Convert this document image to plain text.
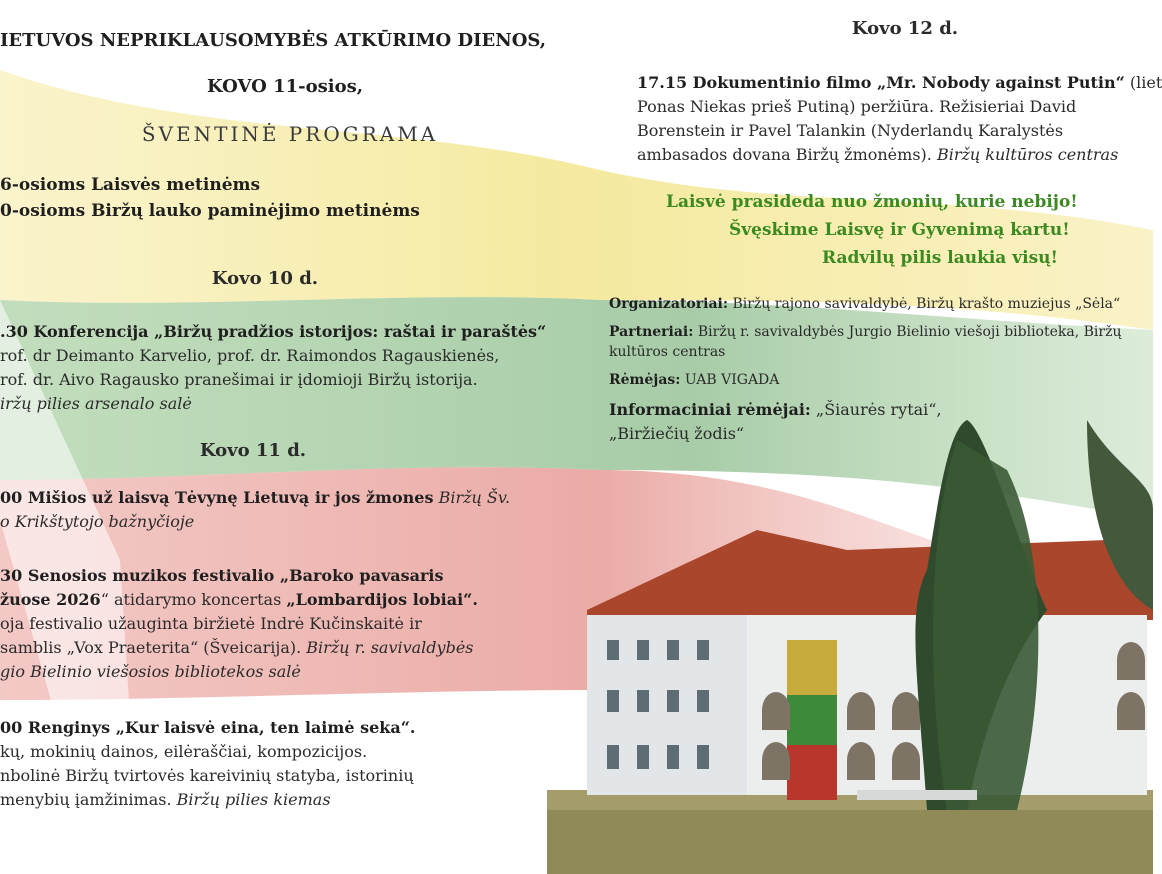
IETUVOS NEPRIKLAUSOMYBĖS ATKŪRIMO DIENOS,
KOVO 11-osios,
ŠVENTINĖ PROGRAMA
6-osioms Laisvės metinėms
0-osioms Biržų lauko paminėjimo metinėms
Kovo 10 d.

.30 Konferencija „Biržų pradžios istorijos: raštai ir paraštės“

rof. dr Deimanto Karvelio, prof. dr. Raimondos Ragauskienės,

rof. dr. Aivo Ragausko pranešimai ir įdomioji Biržų istorija.

iržų pilies arsenalo salė

Kovo 11 d.

00 Mišios už laisvą Tėvynę Lietuvą ir jos žmones Biržų Šv.

o Krikštytojo bažnyčioje

30 Senosios muzikos festivalio „Baroko pavasaris

žuose 2026“ atidarymo koncertas „Lombardijos lobiai“.

oja festivalio užauginta biržietė Indrė Kučinskaitė ir

samblis „Vox Praeterita“ (Šveicarija). Biržų r. savivaldybės

gio Bielinio viešosios bibliotekos salė

00 Renginys „Kur laisvė eina, ten laimė seka“.

kų, mokinių dainos, eilėraščiai, kompozicijos.

nbolinė Biržų tvirtovės kareivinių statyba, istorinių

menybių įamžinimas. Biržų pilies kiemas

Kovo 12 d.

17.15 Dokumentinio filmo „Mr. Nobody against Putin“ (liet

Ponas Niekas prieš Putiną) peržiūra. Režisieriai David

Borenstein ir Pavel Talankin (Nyderlandų Karalystės

ambasados dovana Biržų žmonėms). Biržų kultūros centras

Laisvė prasideda nuo žmonių, kurie nebijo!
Švęskime Laisvę ir Gyvenimą kartu!
Radvilų pilis laukia visų!

Organizatoriai: Biržų rajono savivaldybė, Biržų krašto muziejus „Sėla“

Partneriai: Biržų r. savivaldybės Jurgio Bielinio viešoji biblioteka, Biržų

kultūros centras

Rėmėjas: UAB VIGADA

Informaciniai rėmėjai: „Šiaurės rytai“,

„Biržiečių žodis“
